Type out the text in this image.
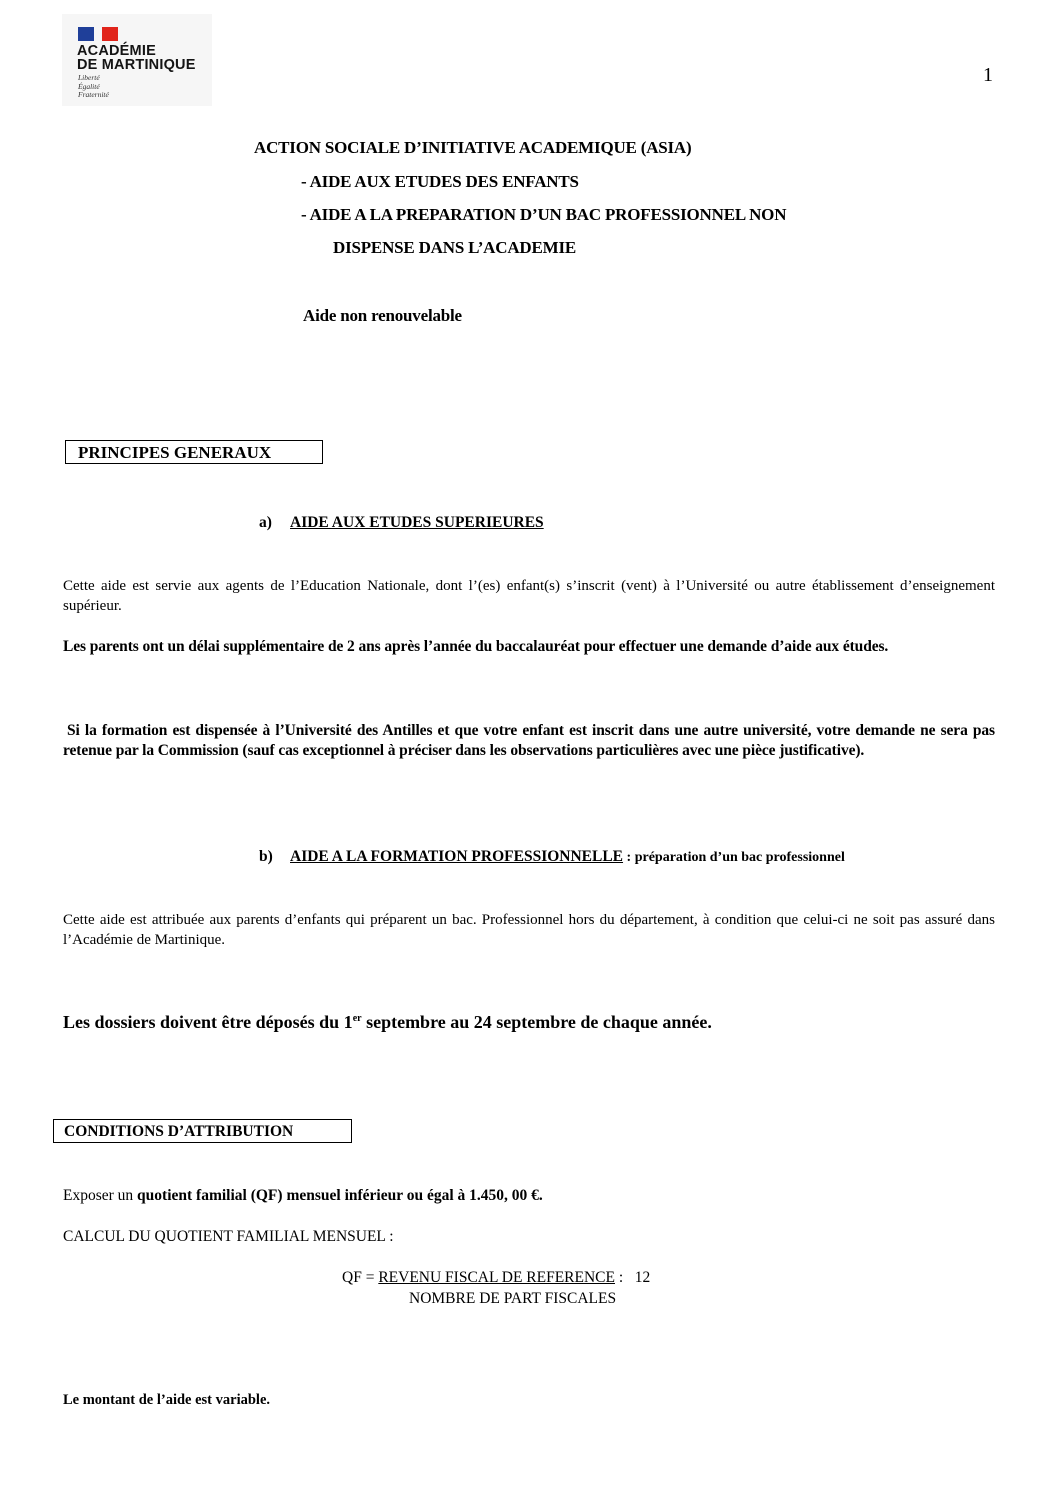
ACADÉMIE
DE MARTINIQUE
Liberté
Égalité
Fraternité
1
ACTION SOCIALE D’INITIATIVE ACADEMIQUE (ASIA)
- AIDE AUX ETUDES DES ENFANTS
- AIDE A LA PREPARATION D’UN BAC PROFESSIONNEL NON
DISPENSE DANS L’ACADEMIE
Aide non renouvelable
PRINCIPES GENERAUX
a) AIDE AUX ETUDES SUPERIEURES
Cette aide est servie aux agents de l’Education Nationale, dont l’(es) enfant(s) s’inscrit (vent) à l’Université ou autre établissement d’enseignement supérieur.
Les parents ont un délai supplémentaire de 2 ans après l’année du baccalauréat pour effectuer une demande d’aide aux études.
Si la formation est dispensée à l’Université des Antilles et que votre enfant est inscrit dans une autre université, votre demande ne sera pas retenue par la Commission (sauf cas exceptionnel à préciser dans les observations particulières avec une pièce justificative).
b) AIDE A LA FORMATION PROFESSIONNELLE : préparation d’un bac professionnel
Cette aide est attribuée aux parents d’enfants qui préparent un bac. Professionnel hors du département, à condition que celui-ci ne soit pas assuré dans l’Académie de Martinique.
Les dossiers doivent être déposés du 1er septembre au 24 septembre de chaque année.
CONDITIONS D’ATTRIBUTION
Exposer un quotient familial (QF) mensuel inférieur ou égal à 1.450, 00 €.
CALCUL DU QUOTIENT FAMILIAL MENSUEL :
QF = REVENU FISCAL DE REFERENCE :   12
NOMBRE DE PART FISCALES
Le montant de l’aide est variable.
